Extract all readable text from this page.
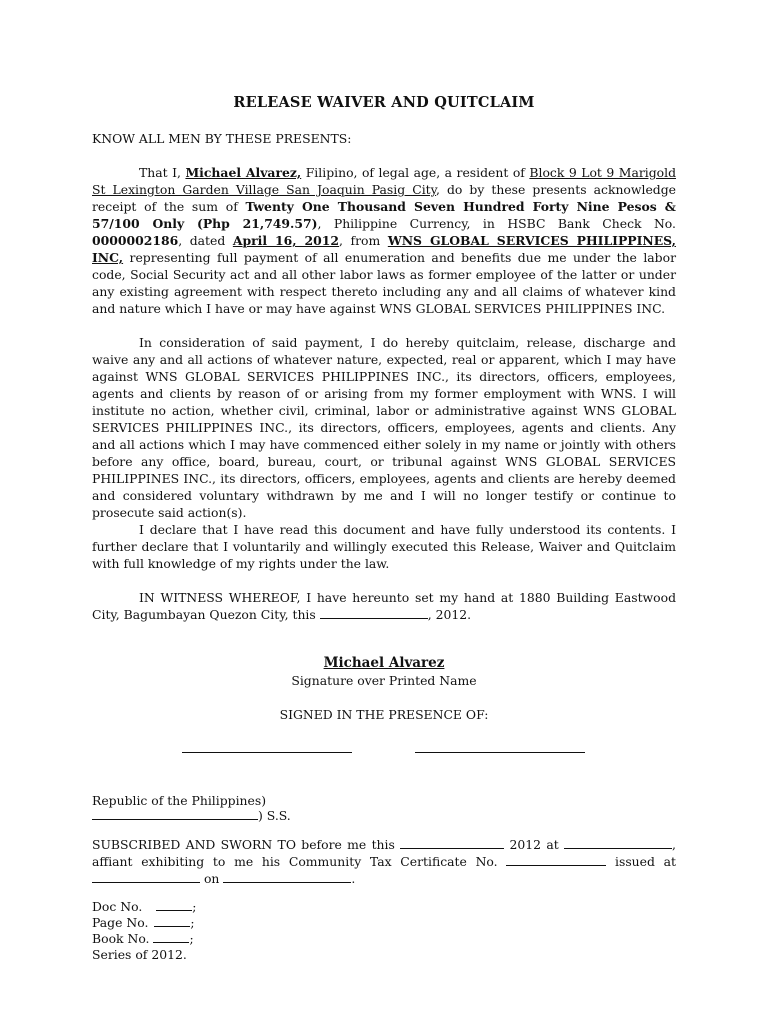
RELEASE WAIVER AND QUITCLAIM
KNOW ALL MEN BY THESE PRESENTS:
That I, Michael Alvarez, Filipino, of legal age, a resident of Block 9 Lot 9 Marigold St Lexington Garden Village San Joaquin Pasig City, do by these presents acknowledge receipt of the sum of Twenty One Thousand Seven Hundred Forty Nine Pesos & 57/100 Only (Php 21,749.57), Philippine Currency, in HSBC Bank Check No. 0000002186, dated April 16, 2012, from WNS GLOBAL SERVICES PHILIPPINES, INC, representing full payment of all enumeration and benefits due me under the labor code, Social Security act and all other labor laws as former employee of the latter or under any existing agreement with respect thereto including any and all claims of whatever kind and nature which I have or may have against WNS GLOBAL SERVICES PHILIPPINES INC.
In consideration of said payment, I do hereby quitclaim, release, discharge and waive any and all actions of whatever nature, expected, real or apparent, which I may have against WNS GLOBAL SERVICES PHILIPPINES INC., its directors, officers, employees, agents and clients by reason of or arising from my former employment with WNS. I will institute no action, whether civil, criminal, labor or administrative against WNS GLOBAL SERVICES PHILIPPINES INC., its directors, officers, employees, agents and clients. Any and all actions which I may have commenced either solely in my name or jointly with others before any office, board, bureau, court, or tribunal against WNS GLOBAL SERVICES PHILIPPINES INC., its directors, officers, employees, agents and clients are hereby deemed and considered voluntary withdrawn by me and I will no longer testify or continue to prosecute said action(s).
I declare that I have read this document and have fully understood its contents. I further declare that I voluntarily and willingly executed this Release, Waiver and Quitclaim with full knowledge of my rights under the law.
IN WITNESS WHEREOF, I have hereunto set my hand at 1880 Building Eastwood City, Bagumbayan Quezon City, this	, 2012.
Michael Alvarez
Signature over Printed Name
SIGNED IN THE PRESENCE OF:
Republic of the Philippines)
) S.S.
SUBSCRIBED AND SWORN TO before me this	2012 at	, affiant exhibiting to me his Community Tax Certificate No.	issued at  on	.
Doc No.	;
Page No.	;
Book No.	;
Series of 2012.
